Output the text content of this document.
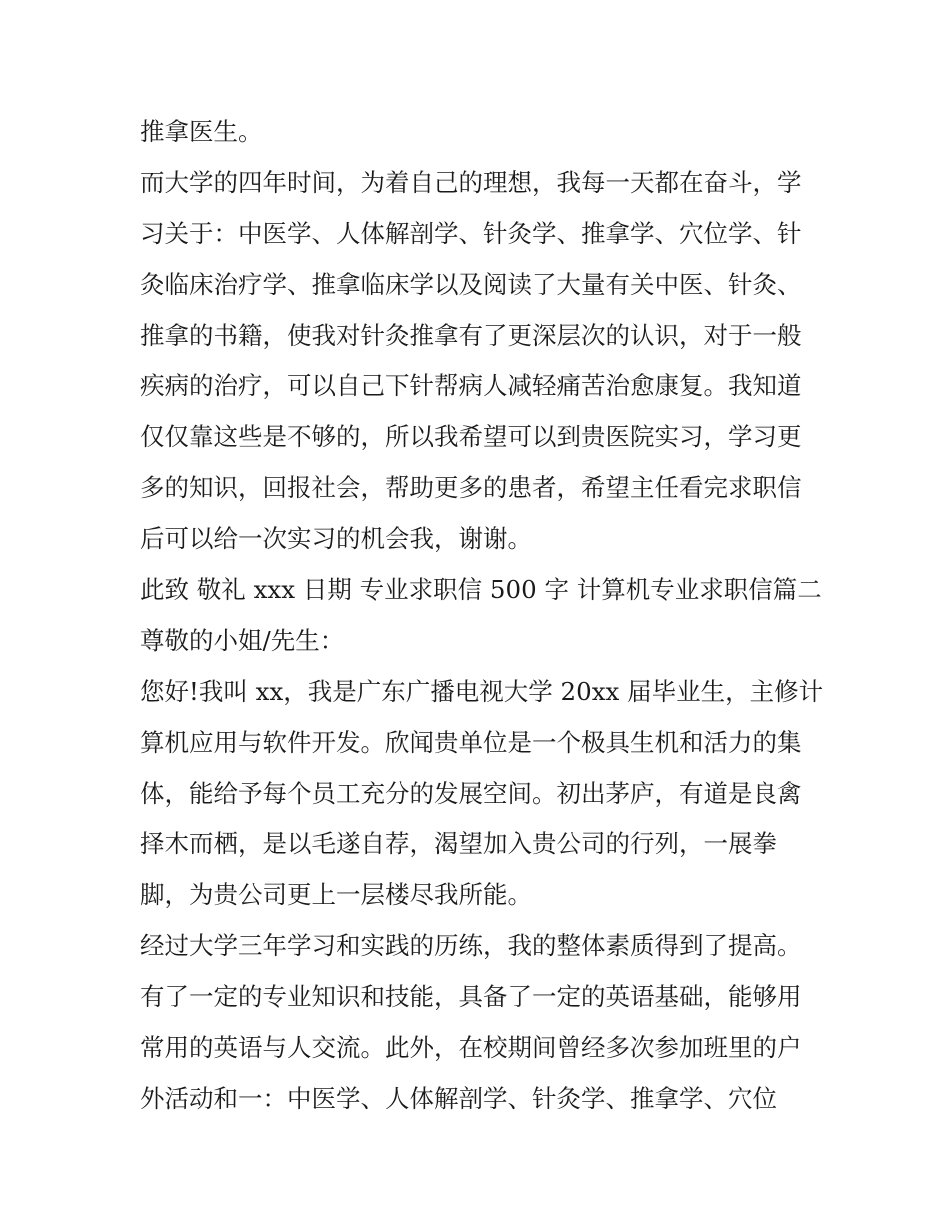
推拿医生。
而大学的四年时间，为着自己的理想，我每一天都在奋斗，学
习关于：中医学、人体解剖学、针灸学、推拿学、穴位学、针
灸临床治疗学、推拿临床学以及阅读了大量有关中医、针灸、
推拿的书籍，使我对针灸推拿有了更深层次的认识，对于一般
疾病的治疗，可以自己下针帮病人减轻痛苦治愈康复。我知道
仅仅靠这些是不够的，所以我希望可以到贵医院实习，学习更
多的知识，回报社会，帮助更多的患者，希望主任看完求职信
后可以给一次实习的机会我，谢谢。
此致 敬礼 xxx 日期 专业求职信 500 字 计算机专业求职信篇二
尊敬的小姐/先生：
您好!我叫 xx，我是广东广播电视大学 20xx 届毕业生，主修计
算机应用与软件开发。欣闻贵单位是一个极具生机和活力的集
体，能给予每个员工充分的发展空间。初出茅庐，有道是良禽
择木而栖，是以毛遂自荐，渴望加入贵公司的行列，一展拳
脚，为贵公司更上一层楼尽我所能。
经过大学三年学习和实践的历练，我的整体素质得到了提高。
有了一定的专业知识和技能，具备了一定的英语基础，能够用
常用的英语与人交流。此外，在校期间曾经多次参加班里的户
外活动和一：中医学、人体解剖学、针灸学、推拿学、穴位
